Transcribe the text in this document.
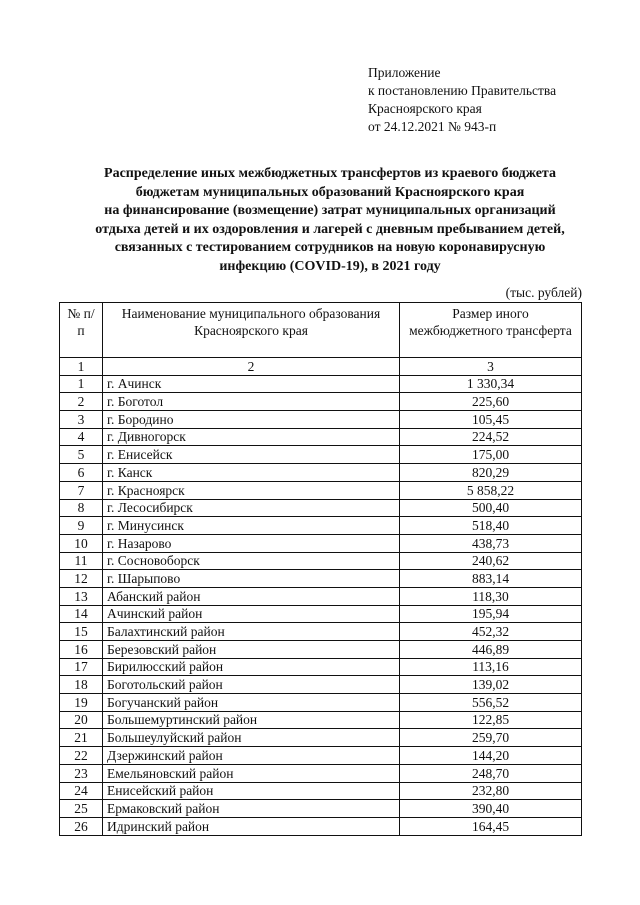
Приложение
к постановлению Правительства
Красноярского края
от 24.12.2021 № 943-п
Распределение иных межбюджетных трансфертов из краевого бюджета
бюджетам муниципальных образований Красноярского края
на финансирование (возмещение) затрат муниципальных организаций
отдыха детей и их оздоровления и лагерей с дневным пребыванием детей,
связанных с тестированием сотрудников на новую коронавирусную
инфекцию (COVID-19), в 2021 году
(тыс. рублей)
№ п/п	Наименование муниципального образования Красноярского края	Размер иного межбюджетного трансферта
1	2	3
1	г. Ачинск	1 330,34
2	г. Боготол	225,60
3	г. Бородино	105,45
4	г. Дивногорск	224,52
5	г. Енисейск	175,00
6	г. Канск	820,29
7	г. Красноярск	5 858,22
8	г. Лесосибирск	500,40
9	г. Минусинск	518,40
10	г. Назарово	438,73
11	г. Сосновоборск	240,62
12	г. Шарыпово	883,14
13	Абанский район	118,30
14	Ачинский район	195,94
15	Балахтинский район	452,32
16	Березовский район	446,89
17	Бирилюсский район	113,16
18	Боготольский район	139,02
19	Богучанский район	556,52
20	Большемуртинский район	122,85
21	Большеулуйский район	259,70
22	Дзержинский район	144,20
23	Емельяновский район	248,70
24	Енисейский район	232,80
25	Ермаковский район	390,40
26	Идринский район	164,45
